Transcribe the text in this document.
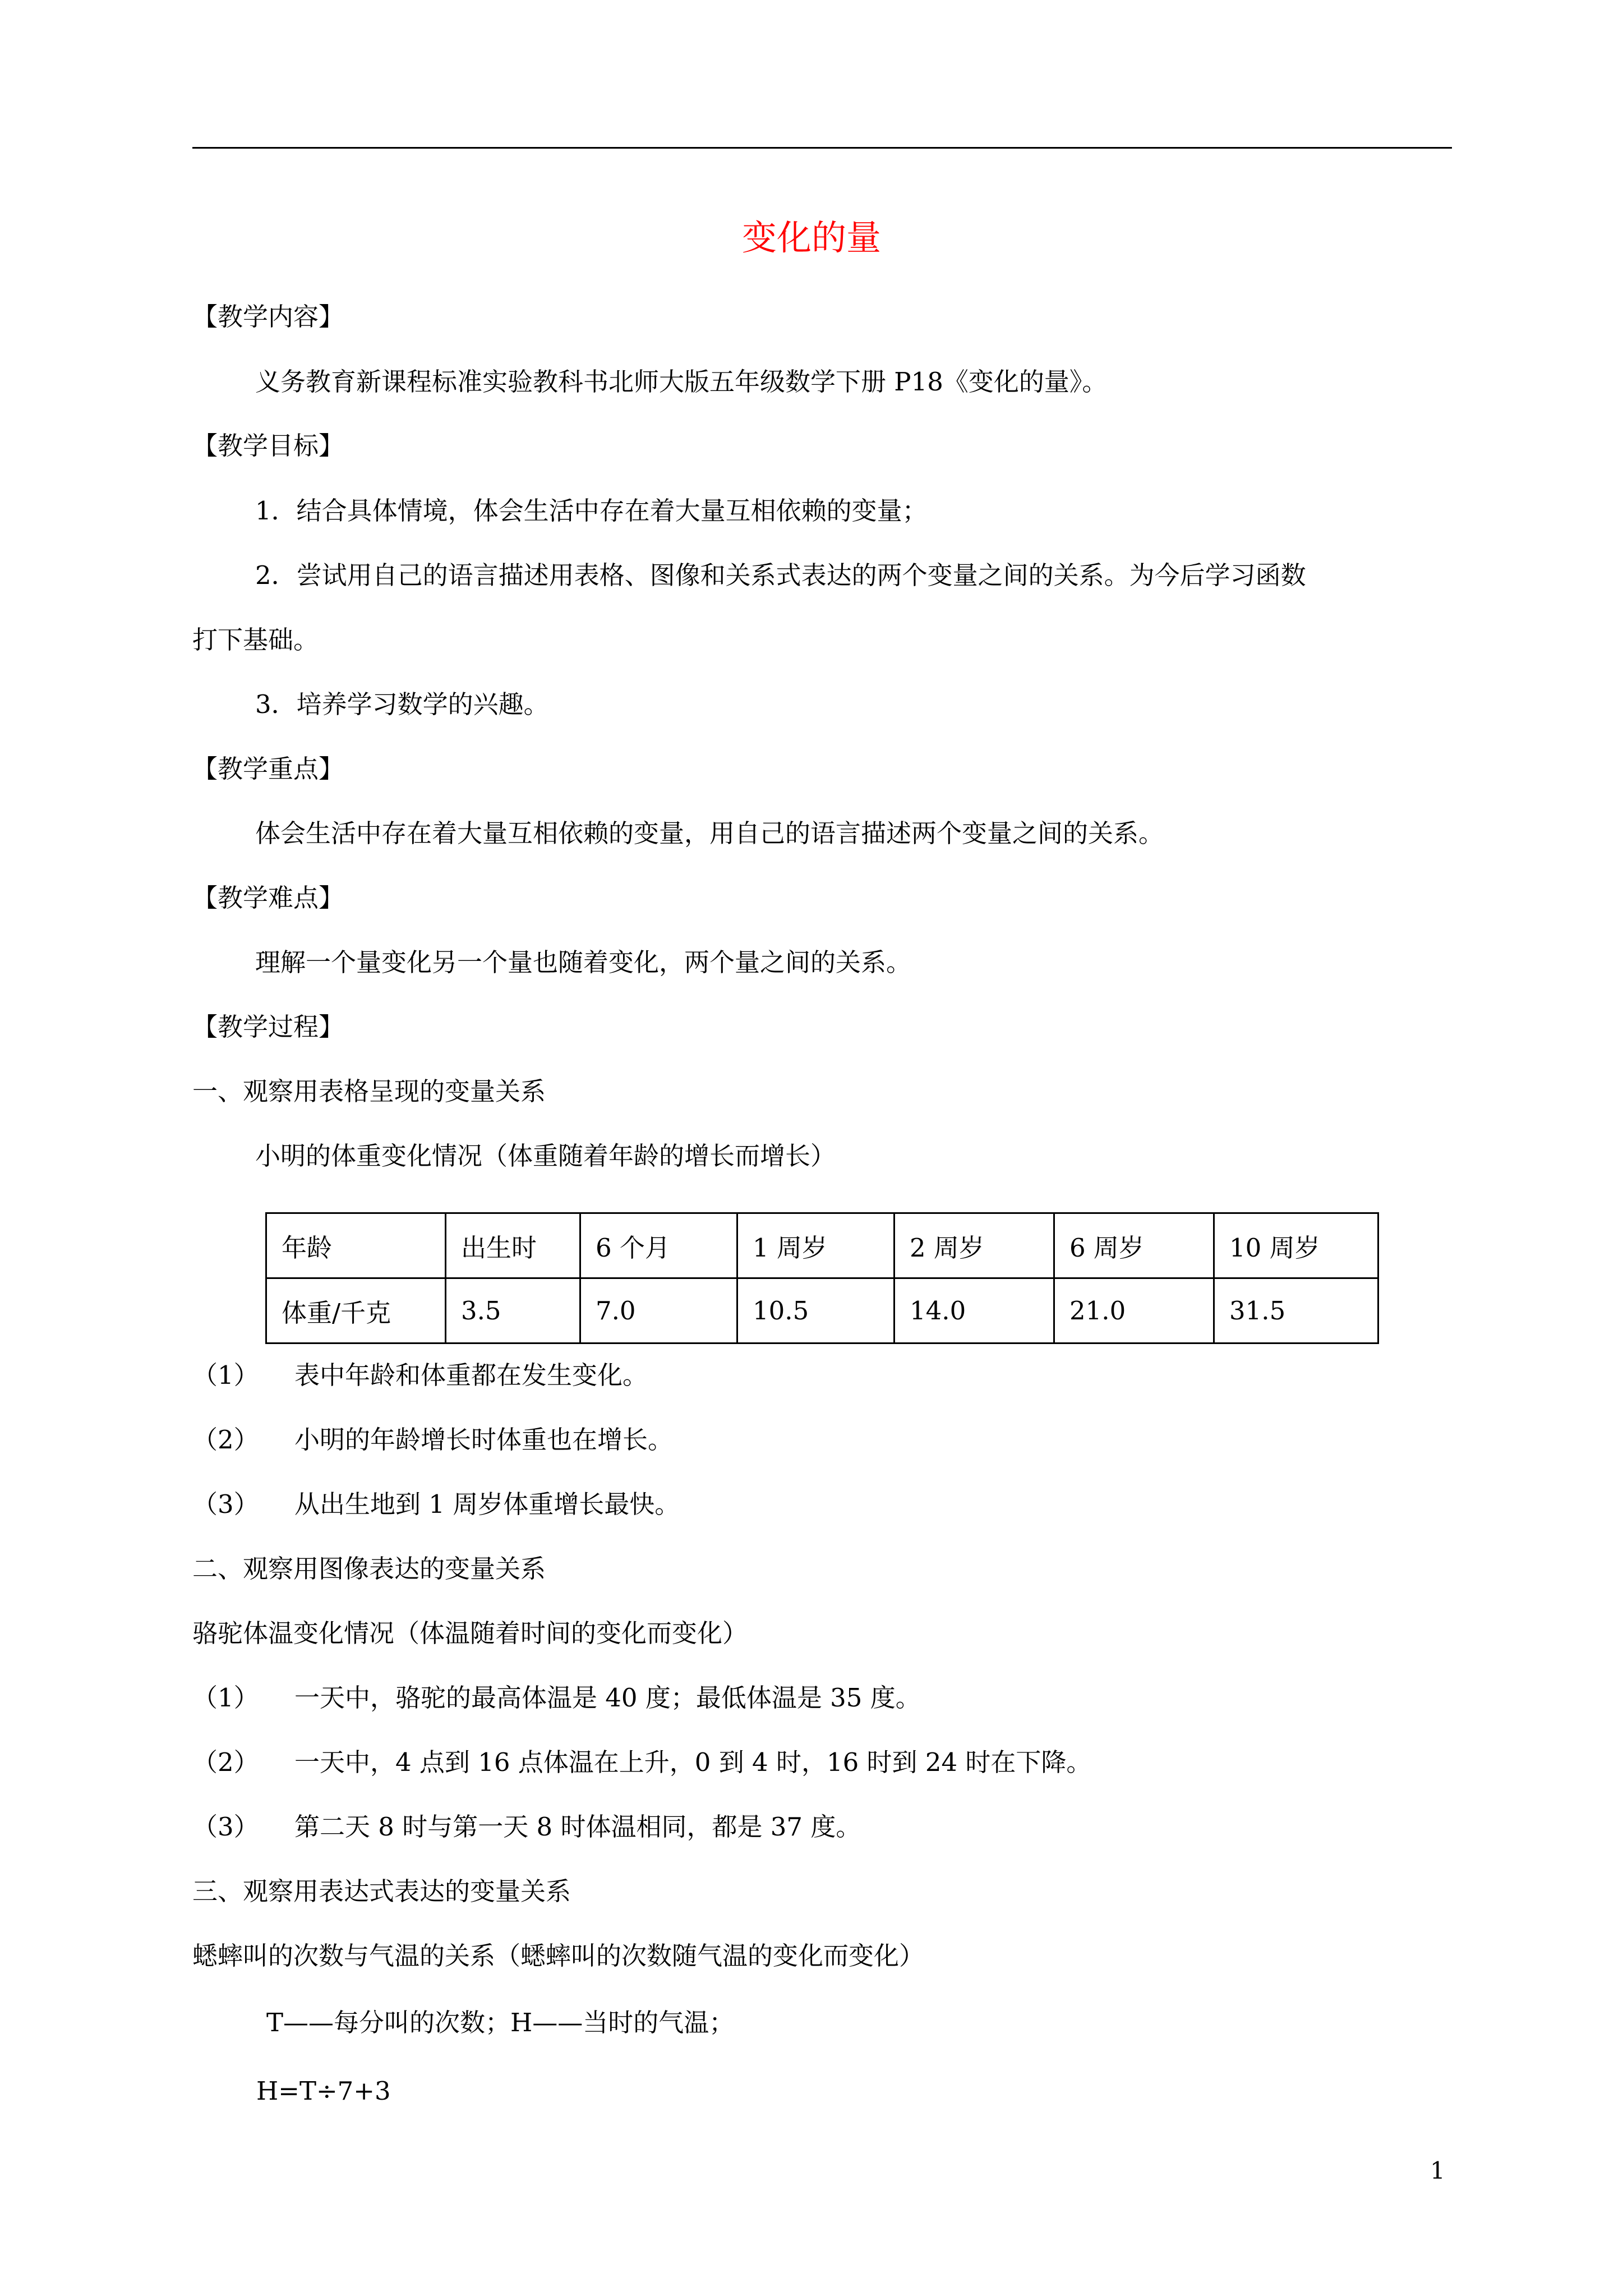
变化的量
【教学内容】
义务教育新课程标准实验教科书北师大版五年级数学下册 P18《变化的量》。
【教学目标】
1．结合具体情境，体会生活中存在着大量互相依赖的变量；
2．尝试用自己的语言描述用表格、图像和关系式表达的两个变量之间的关系。为今后学习函数
打下基础。
3．培养学习数学的兴趣。
【教学重点】
体会生活中存在着大量互相依赖的变量，用自己的语言描述两个变量之间的关系。
【教学难点】
理解一个量变化另一个量也随着变化，两个量之间的关系。
【教学过程】
一、观察用表格呈现的变量关系
小明的体重变化情况（体重随着年龄的增长而增长）
年龄	出生时	6 个月	1 周岁	2 周岁	6 周岁	10 周岁
体重/千克	3.5	7.0	10.5	14.0	21.0	31.5
（1） 表中年龄和体重都在发生变化。
（2） 小明的年龄增长时体重也在增长。
（3） 从出生地到 1 周岁体重增长最快。
二、观察用图像表达的变量关系
骆驼体温变化情况（体温随着时间的变化而变化）
（1） 一天中，骆驼的最高体温是 40 度；最低体温是 35 度。
（2） 一天中，4 点到 16 点体温在上升，0 到 4 时，16 时到 24 时在下降。
（3） 第二天 8 时与第一天 8 时体温相同，都是 37 度。
三、观察用表达式表达的变量关系
蟋蟀叫的次数与气温的关系（蟋蟀叫的次数随气温的变化而变化）
T——每分叫的次数；H——当时的气温；
H=T÷7+3
1
